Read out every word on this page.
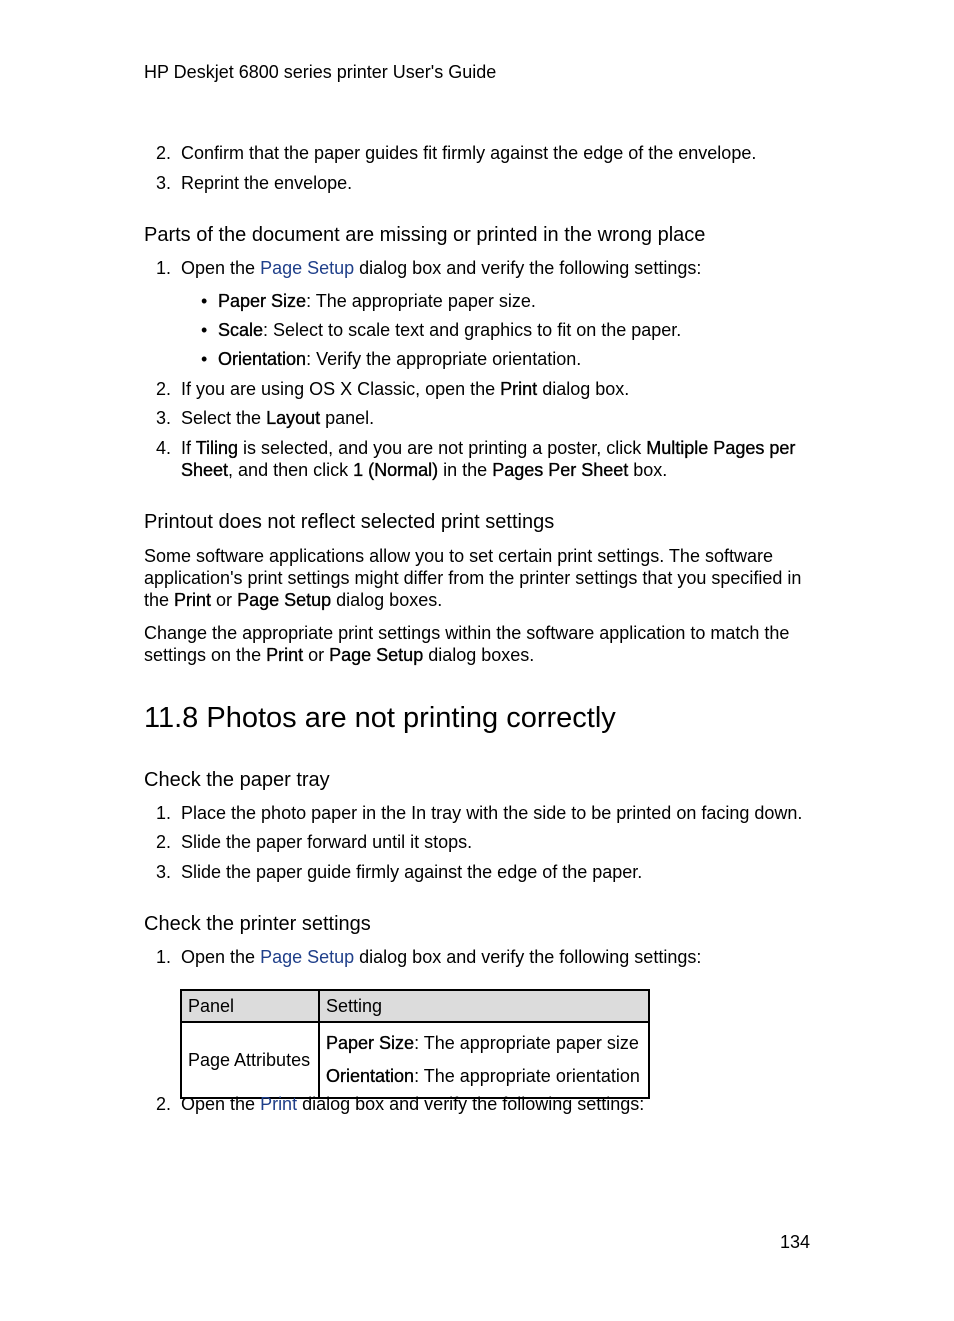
HP Deskjet 6800 series printer User's Guide
2. Confirm that the paper guides fit firmly against the edge of the envelope.
3. Reprint the envelope.
Parts of the document are missing or printed in the wrong place
1. Open the Page Setup dialog box and verify the following settings:
• Paper Size: The appropriate paper size.
• Scale: Select to scale text and graphics to fit on the paper.
• Orientation: Verify the appropriate orientation.
2. If you are using OS X Classic, open the Print dialog box.
3. Select the Layout panel.
4. If Tiling is selected, and you are not printing a poster, click Multiple Pages per
Sheet, and then click 1 (Normal) in the Pages Per Sheet box.
Printout does not reflect selected print settings
Some software applications allow you to set certain print settings. The software
application's print settings might differ from the printer settings that you specified in
the Print or Page Setup dialog boxes.
Change the appropriate print settings within the software application to match the
settings on the Print or Page Setup dialog boxes.
11.8 Photos are not printing correctly
Check the paper tray
1. Place the photo paper in the In tray with the side to be printed on facing down.
2. Slide the paper forward until it stops.
3. Slide the paper guide firmly against the edge of the paper.
Check the printer settings
1. Open the Page Setup dialog box and verify the following settings:
Panel	Setting
Page Attributes	Paper Size: The appropriate paper size
Orientation: The appropriate orientation
2. Open the Print dialog box and verify the following settings:
134
